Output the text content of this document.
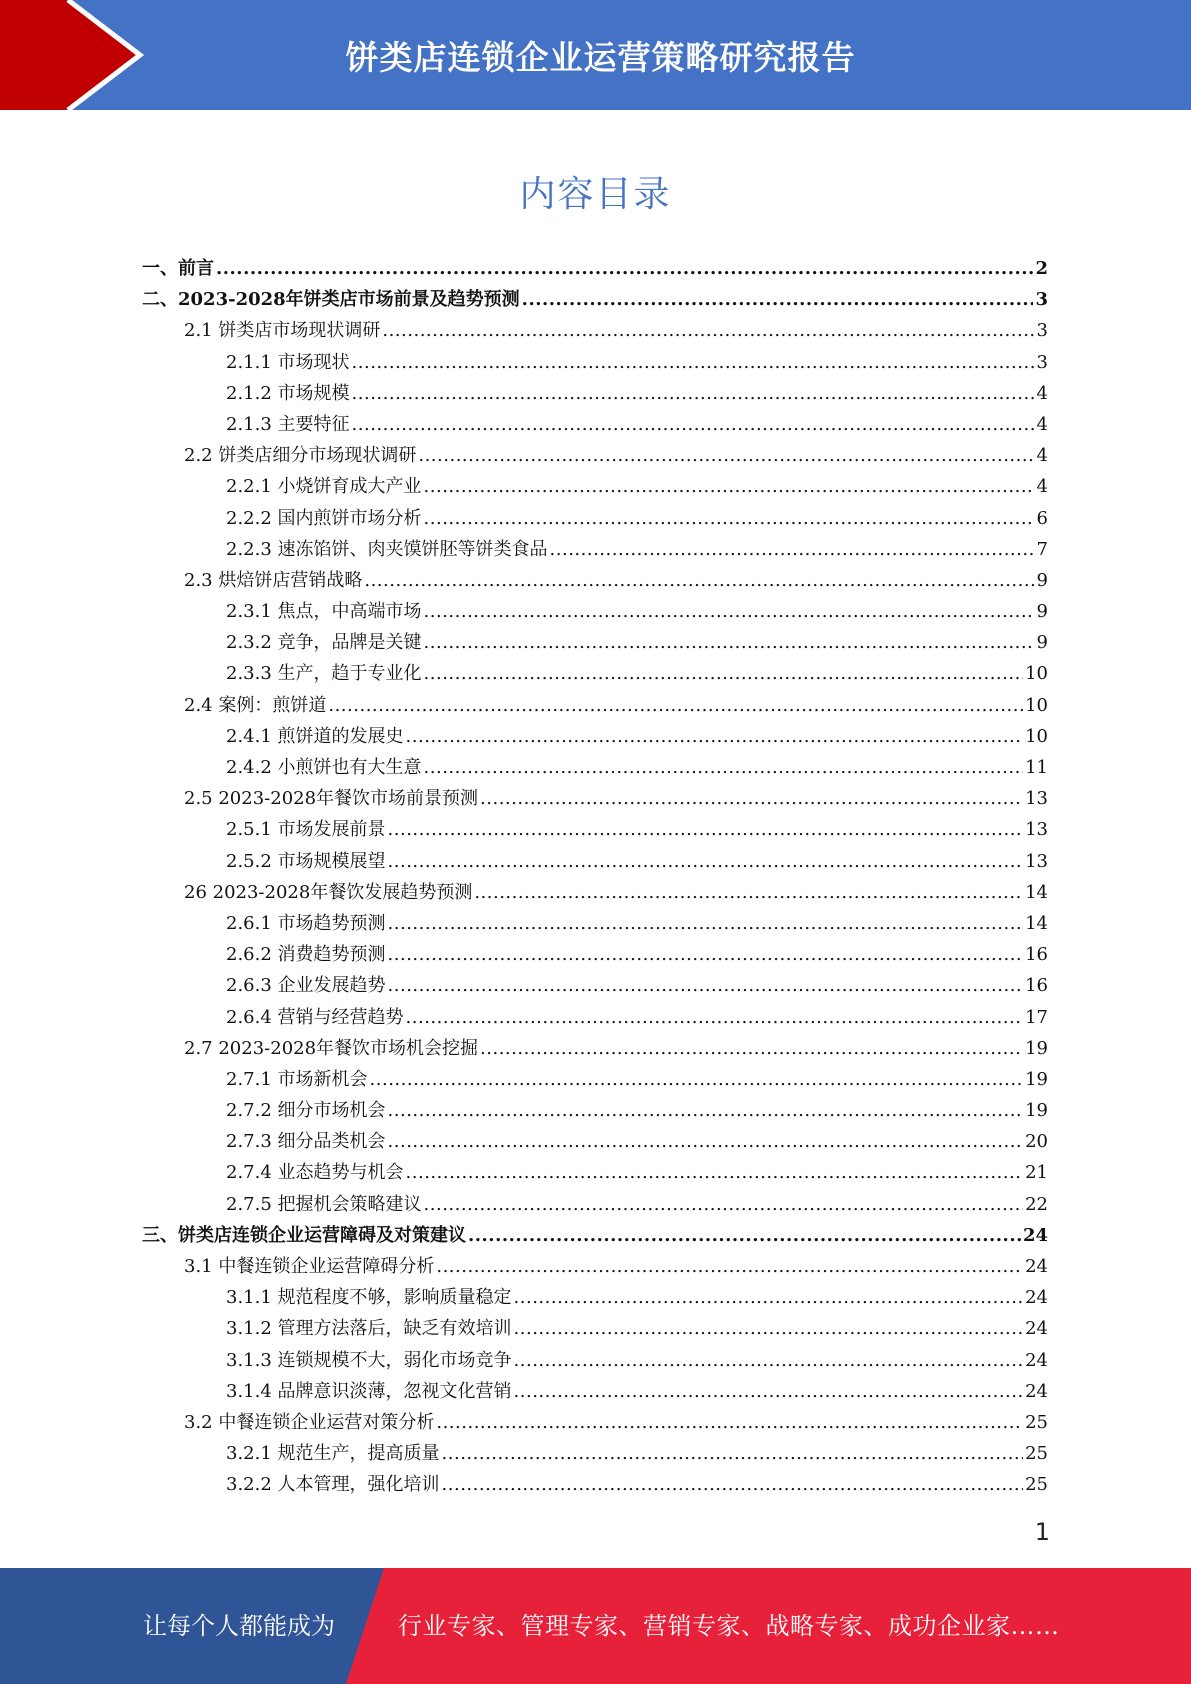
饼类店连锁企业运营策略研究报告
内容目录
一、前言 .....	2
二、2023-2028年饼类店市场前景及趋势预测 .....	3
2.1 饼类店市场现状调研 .....	3
2.1.1 市场现状 .....	3
2.1.2 市场规模 .....	4
2.1.3 主要特征 .....	4
2.2 饼类店细分市场现状调研 .....	4
2.2.1 小烧饼育成大产业 .....	4
2.2.2 国内煎饼市场分析 .....	6
2.2.3 速冻馅饼、肉夹馍饼胚等饼类食品 .....	7
2.3 烘焙饼店营销战略 .....	9
2.3.1 焦点，中高端市场 .....	9
2.3.2 竞争，品牌是关键 .....	9
2.3.3 生产，趋于专业化 .....	10
2.4 案例：煎饼道 .....	10
2.4.1 煎饼道的发展史 .....	10
2.4.2 小煎饼也有大生意 .....	11
2.5 2023-2028年餐饮市场前景预测 .....	13
2.5.1 市场发展前景 .....	13
2.5.2 市场规模展望 .....	13
26 2023-2028年餐饮发展趋势预测 .....	14
2.6.1 市场趋势预测 .....	14
2.6.2 消费趋势预测 .....	16
2.6.3 企业发展趋势 .....	16
2.6.4 营销与经营趋势 .....	17
2.7 2023-2028年餐饮市场机会挖掘 .....	19
2.7.1 市场新机会 .....	19
2.7.2 细分市场机会 .....	19
2.7.3 细分品类机会 .....	20
2.7.4 业态趋势与机会 .....	21
2.7.5 把握机会策略建议 .....	22
三、饼类店连锁企业运营障碍及对策建议 .....	24
3.1 中餐连锁企业运营障碍分析 .....	24
3.1.1 规范程度不够，影响质量稳定 .....	24
3.1.2 管理方法落后，缺乏有效培训 .....	24
3.1.3 连锁规模不大，弱化市场竞争 .....	24
3.1.4 品牌意识淡薄，忽视文化营销 .....	24
3.2 中餐连锁企业运营对策分析 .....	25
3.2.1 规范生产，提高质量 .....	25
3.2.2 人本管理，强化培训 .....	25
1
让每个人都能成为	行业专家、管理专家、营销专家、战略专家、成功企业家……
